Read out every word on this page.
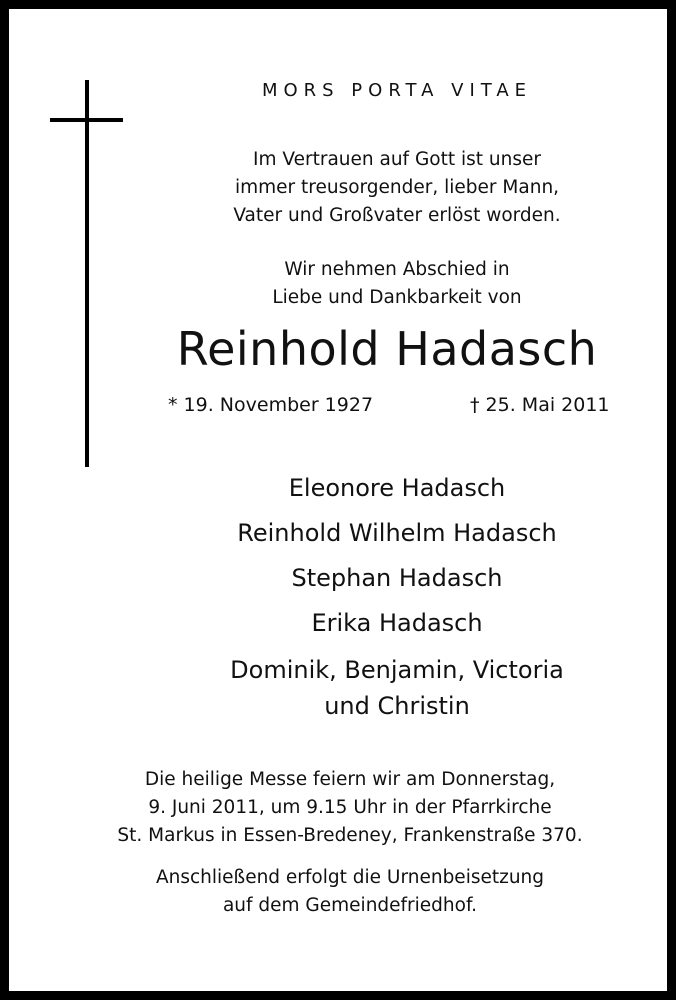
MORS PORTA VITAE
Im Vertrauen auf Gott ist unser
immer treusorgender, lieber Mann,
Vater und Großvater erlöst worden.
Wir nehmen Abschied in
Liebe und Dankbarkeit von
Reinhold Hadasch
* 19. November 1927	† 25. Mai 2011
Eleonore Hadasch
Reinhold Wilhelm Hadasch
Stephan Hadasch
Erika Hadasch
Dominik, Benjamin, Victoria
und Christin
Die heilige Messe feiern wir am Donnerstag,
9. Juni 2011, um 9.15 Uhr in der Pfarrkirche
St. Markus in Essen-Bredeney, Frankenstraße 370.
Anschließend erfolgt die Urnenbeisetzung
auf dem Gemeindefriedhof.
